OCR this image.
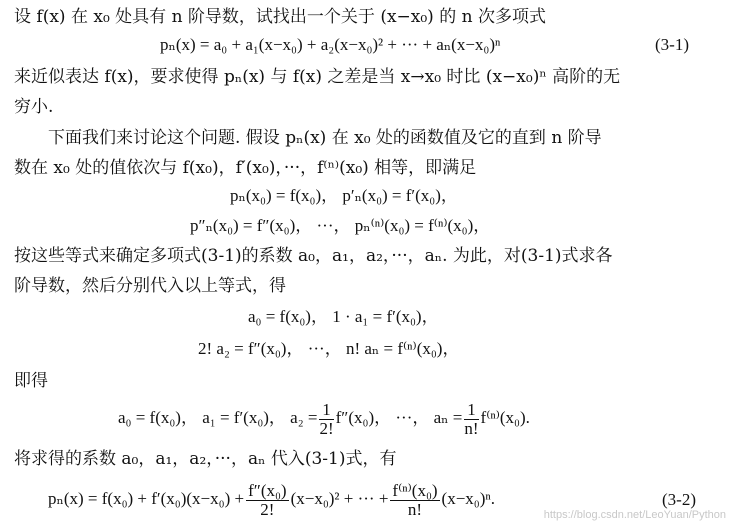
设 f(x) 在 x₀ 处具有 n 阶导数，试找出一个关于 (x−x₀) 的 n 次多项式
pₙ(x) = a₀ + a₁(x−x₀) + a₂(x−x₀)² + ··· + aₙ(x−x₀)ⁿ	(3-1)
来近似表达 f(x)，要求使得 pₙ(x) 与 f(x) 之差是当 x→x₀ 时比 (x−x₀)ⁿ 高阶的无
穷小.
下面我们来讨论这个问题. 假设 pₙ(x) 在 x₀ 处的函数值及它的直到 n 阶导
数在 x₀ 处的值依次与 f(x₀)，f′(x₀)，···，f⁽ⁿ⁾(x₀) 相等，即满足
pₙ(x₀) = f(x₀)， p′ₙ(x₀) = f′(x₀)，
p″ₙ(x₀) = f″(x₀)， ···， pₙ⁽ⁿ⁾(x₀) = f⁽ⁿ⁾(x₀)，
按这些等式来确定多项式(3-1)的系数 a₀，a₁，a₂，···，aₙ. 为此，对(3-1)式求各
阶导数，然后分别代入以上等式，得
a₀ = f(x₀)， 1 · a₁ = f′(x₀)，
2! a₂ = f″(x₀)， ···， n! aₙ = f⁽ⁿ⁾(x₀)，
即得
a₀ = f(x₀)， a₁ = f′(x₀)， $a_2 = \frac{1}{2!} f''(x_0)$， ···， $a_n = \frac{1}{n!} f^{(n)}(x_0)$.
将求得的系数 a₀，a₁，a₂，···，aₙ 代入(3-1)式，有
$p_n(x) = f(x_0) + f'(x_0)(x-x_0) + \frac{\text{f″(x₀)}}{2!} (x-x_0)^2$ + ··· + $\frac{\text{f⁽ⁿ⁾(x₀)}}{n!} (x-x_0)^n$.	(3-2)
https://blog.csdn.net/LeoYuan/Python
